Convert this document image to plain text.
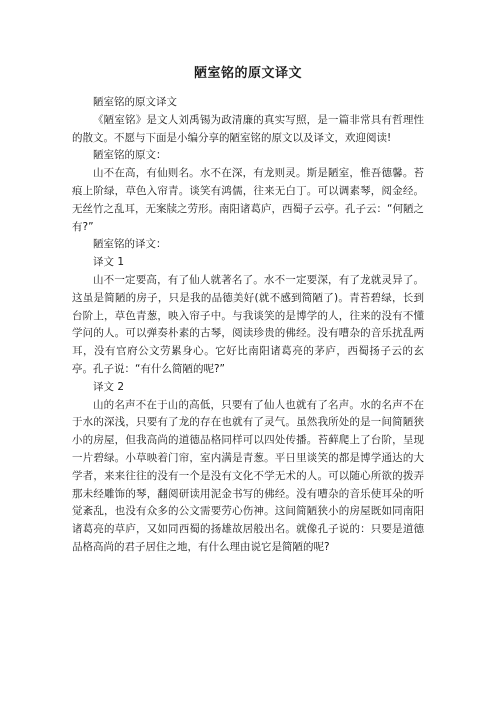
陋室铭的原文译文

陋室铭的原文译文

《陋室铭》是文人刘禹锡为政清廉的真实写照，是一篇非常具有哲理性的散文。不愿与下面是小编分享的陋室铭的原文以及译文，欢迎阅读!

陋室铭的原文：

山不在高，有仙则名。水不在深，有龙则灵。斯是陋室，惟吾德馨。苔痕上阶绿，草色入帘青。谈笑有鸿儒，往来无白丁。可以调素琴，阅金经。无丝竹之乱耳，无案牍之劳形。南阳诸葛庐，西蜀子云亭。孔子云：“何陋之有?”

陋室铭的译文：

译文 1

山不一定要高，有了仙人就著名了。水不一定要深，有了龙就灵异了。这虽是简陋的房子，只是我的品德美好(就不感到简陋了)。青苔碧绿，长到台阶上，草色青葱，映入帘子中。与我谈笑的是博学的人，往来的没有不懂学问的人。可以弹奏朴素的古琴，阅读珍贵的佛经。没有嘈杂的音乐扰乱两耳，没有官府公文劳累身心。它好比南阳诸葛亮的茅庐，西蜀扬子云的玄亭。孔子说：“有什么简陋的呢?”

译文 2

山的名声不在于山的高低，只要有了仙人也就有了名声。水的名声不在于水的深浅，只要有了龙的存在也就有了灵气。虽然我所处的是一间简陋狭小的房屋，但我高尚的道德品格同样可以四处传播。苔藓爬上了台阶，呈现一片碧绿。小草映着门帘，室内满是青葱。平日里谈笑的都是博学通达的大学者，来来往往的没有一个是没有文化不学无术的人。可以随心所欲的拨弄那未经雕饰的琴，翻阅研读用泥金书写的佛经。没有嘈杂的音乐使耳朵的听觉紊乱，也没有众多的公文需要劳心伤神。这间简陋狭小的房屋既如同南阳诸葛亮的草庐，又如同西蜀的扬雄故居般出名。就像孔子说的：只要是道德品格高尚的君子居住之地，有什么理由说它是简陋的呢?
